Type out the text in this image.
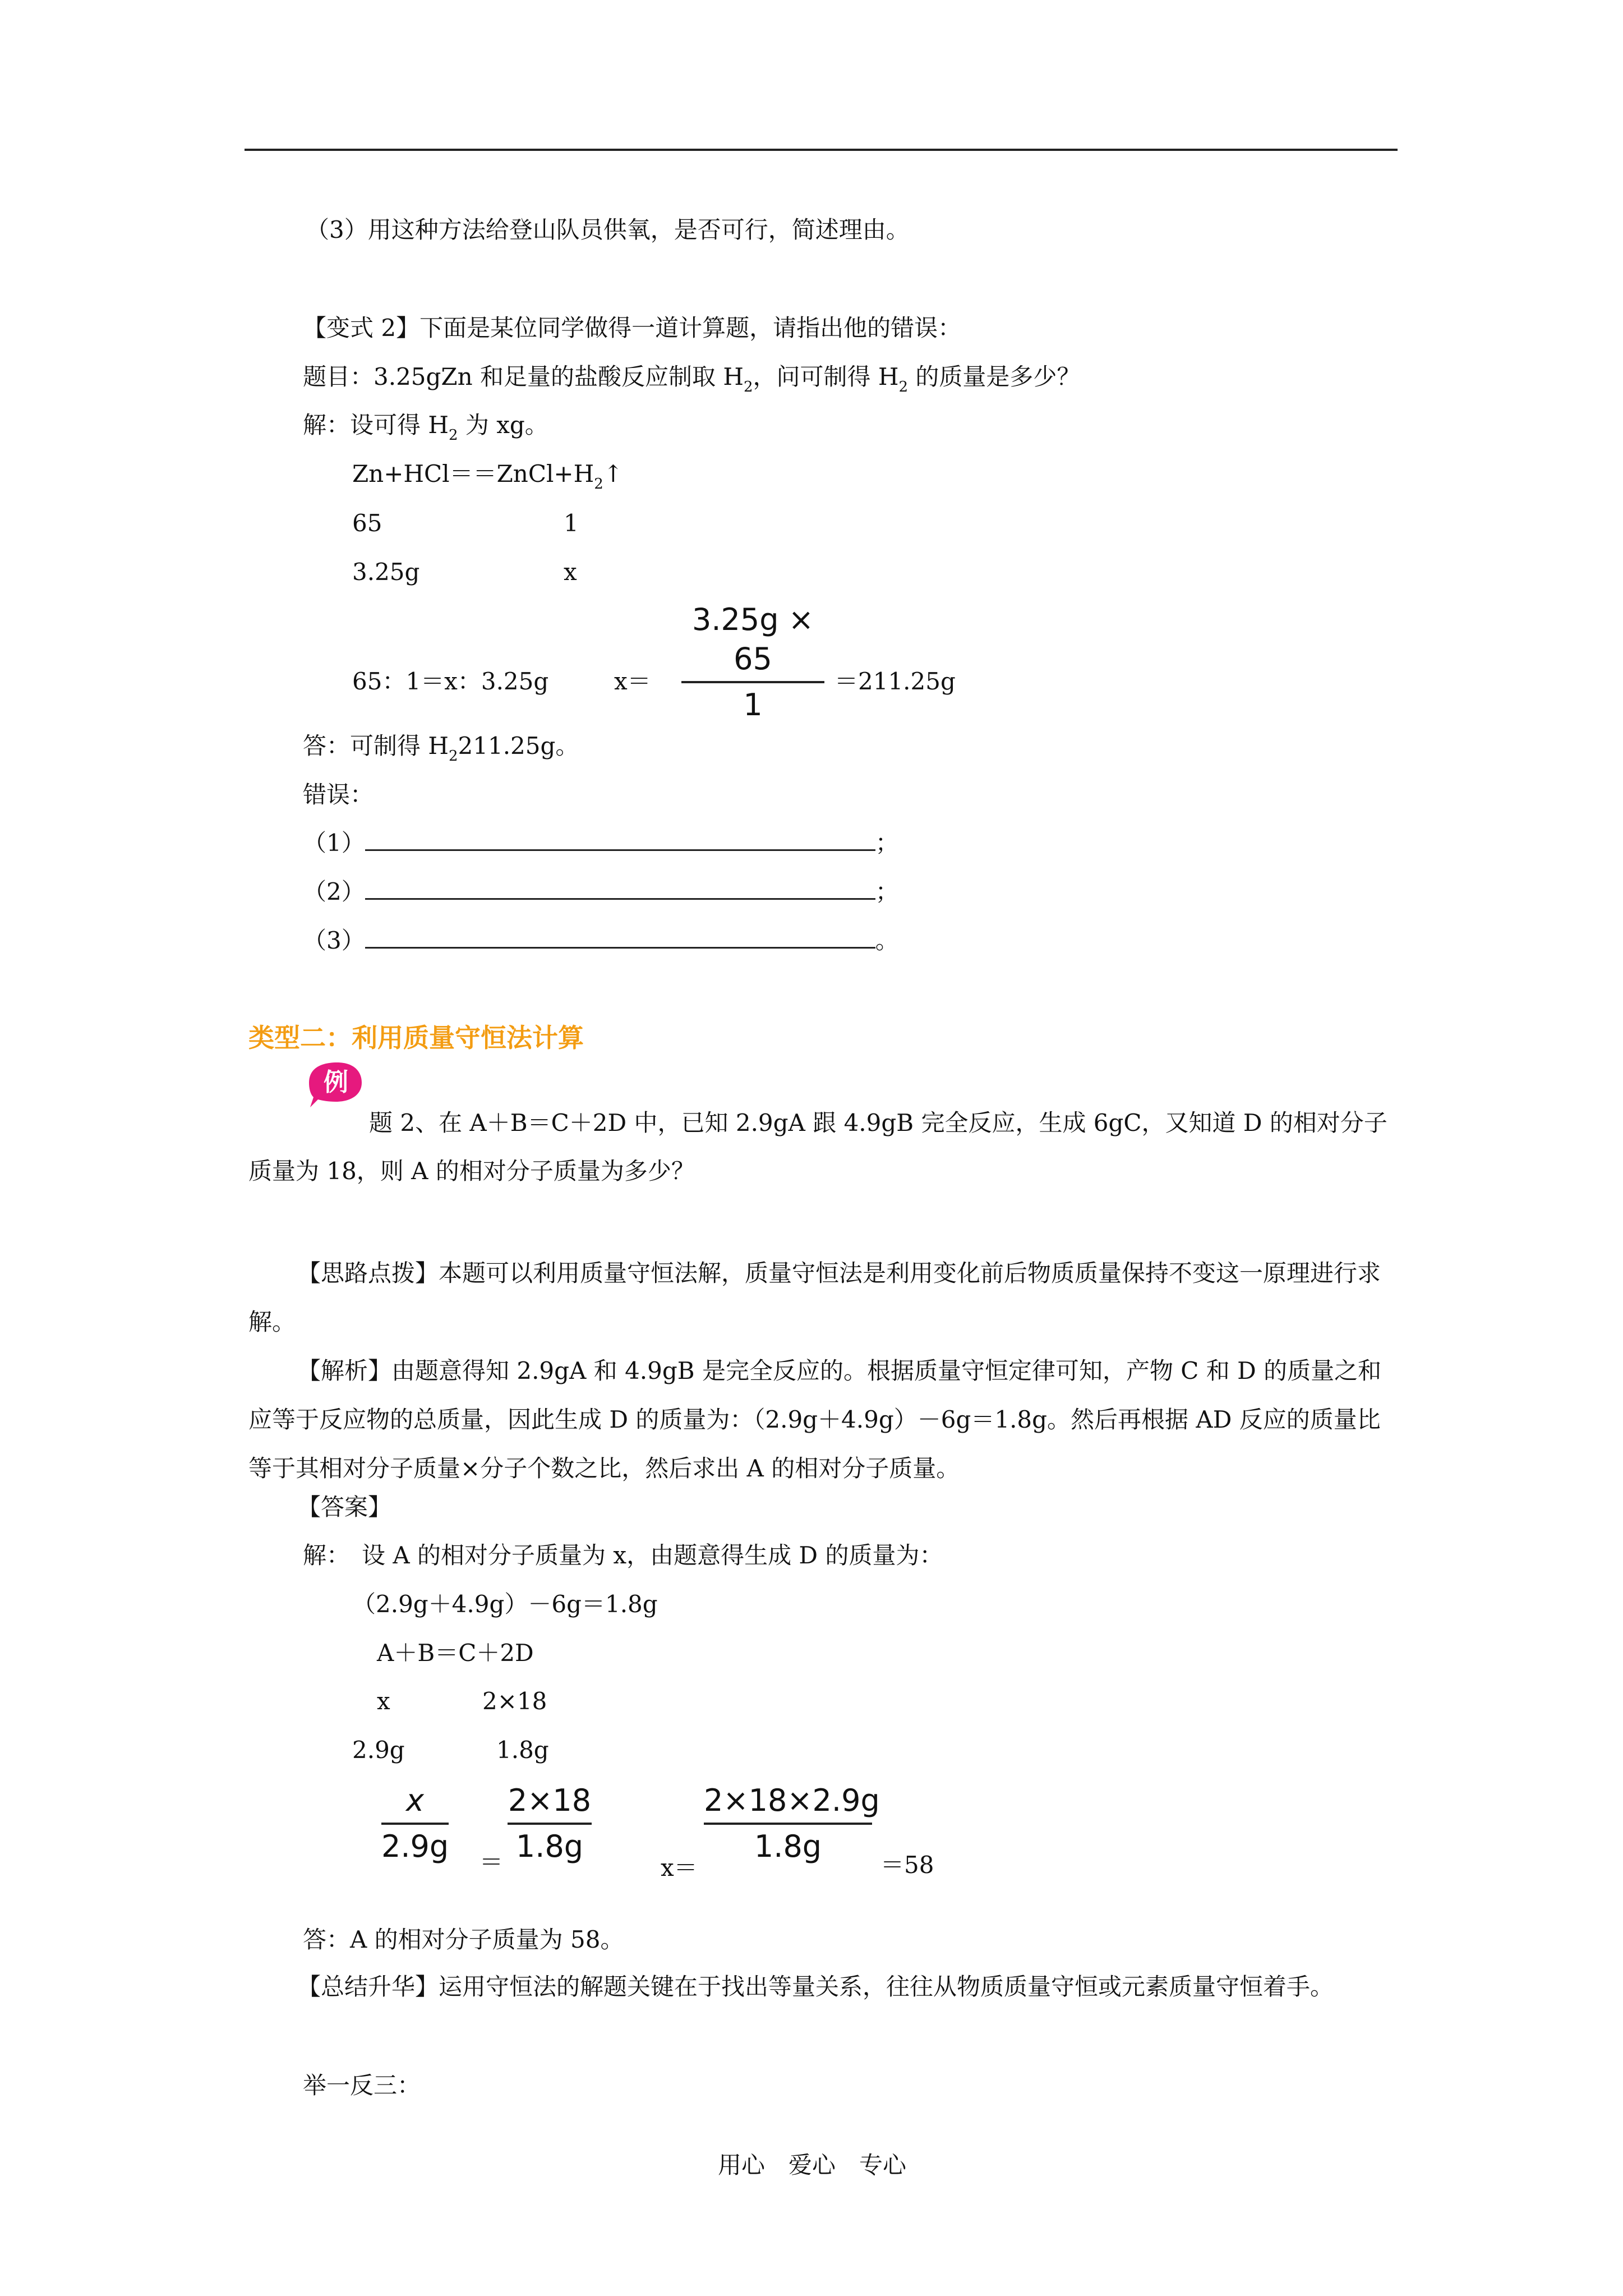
（3）用这种方法给登山队员供氧，是否可行，简述理由。
【变式 2】下面是某位同学做得一道计算题，请指出他的错误：
题目：3.25gZn 和足量的盐酸反应制取 $H_2$，问可制得 $H_2$ 的质量是多少？
解：设可得 $H_2$ 为 xg。
$Zn+HCl==ZnCl+H_2↑$
65	1
3.25g	x
65：1＝x：3.25g	x＝
3.25g × 65
1
＝211.25g
答：可制得 $H_2211.25g$。
错误：
（1）	；
（2）	；
（3）	。
类型二：利用质量守恒法计算
例
题 2、在 A＋B＝C＋2D 中，已知 2.9gA 跟 4.9gB 完全反应，生成 6gC，又知道 D 的相对分子
质量为 18，则 A 的相对分子质量为多少？
【思路点拨】本题可以利用质量守恒法解，质量守恒法是利用变化前后物质质量保持不变这一原理进行求解。
【解析】由题意得知 2.9gA 和 4.9gB 是完全反应的。根据质量守恒定律可知，产物 C 和 D 的质量之和应等于反应物的总质量，因此生成 D 的质量为：（2.9g＋4.9g）－6g＝1.8g。然后再根据 AD 反应的质量比等于其相对分子质量×分子个数之比，然后求出 A 的相对分子质量。
【答案】
解：　设 A 的相对分子质量为 x，由题意得生成 D 的质量为：
（2.9g＋4.9g）－6g＝1.8g
A＋B＝C＋2D
x	2×18
2.9g	1.8g
x
2.9g ＝
2×18
1.8g
x＝
2×18×2.9g
1.8g
＝58
答：A 的相对分子质量为 58。
【总结升华】运用守恒法的解题关键在于找出等量关系，往往从物质质量守恒或元素质量守恒着手。
举一反三：
用心　爱心　专心
